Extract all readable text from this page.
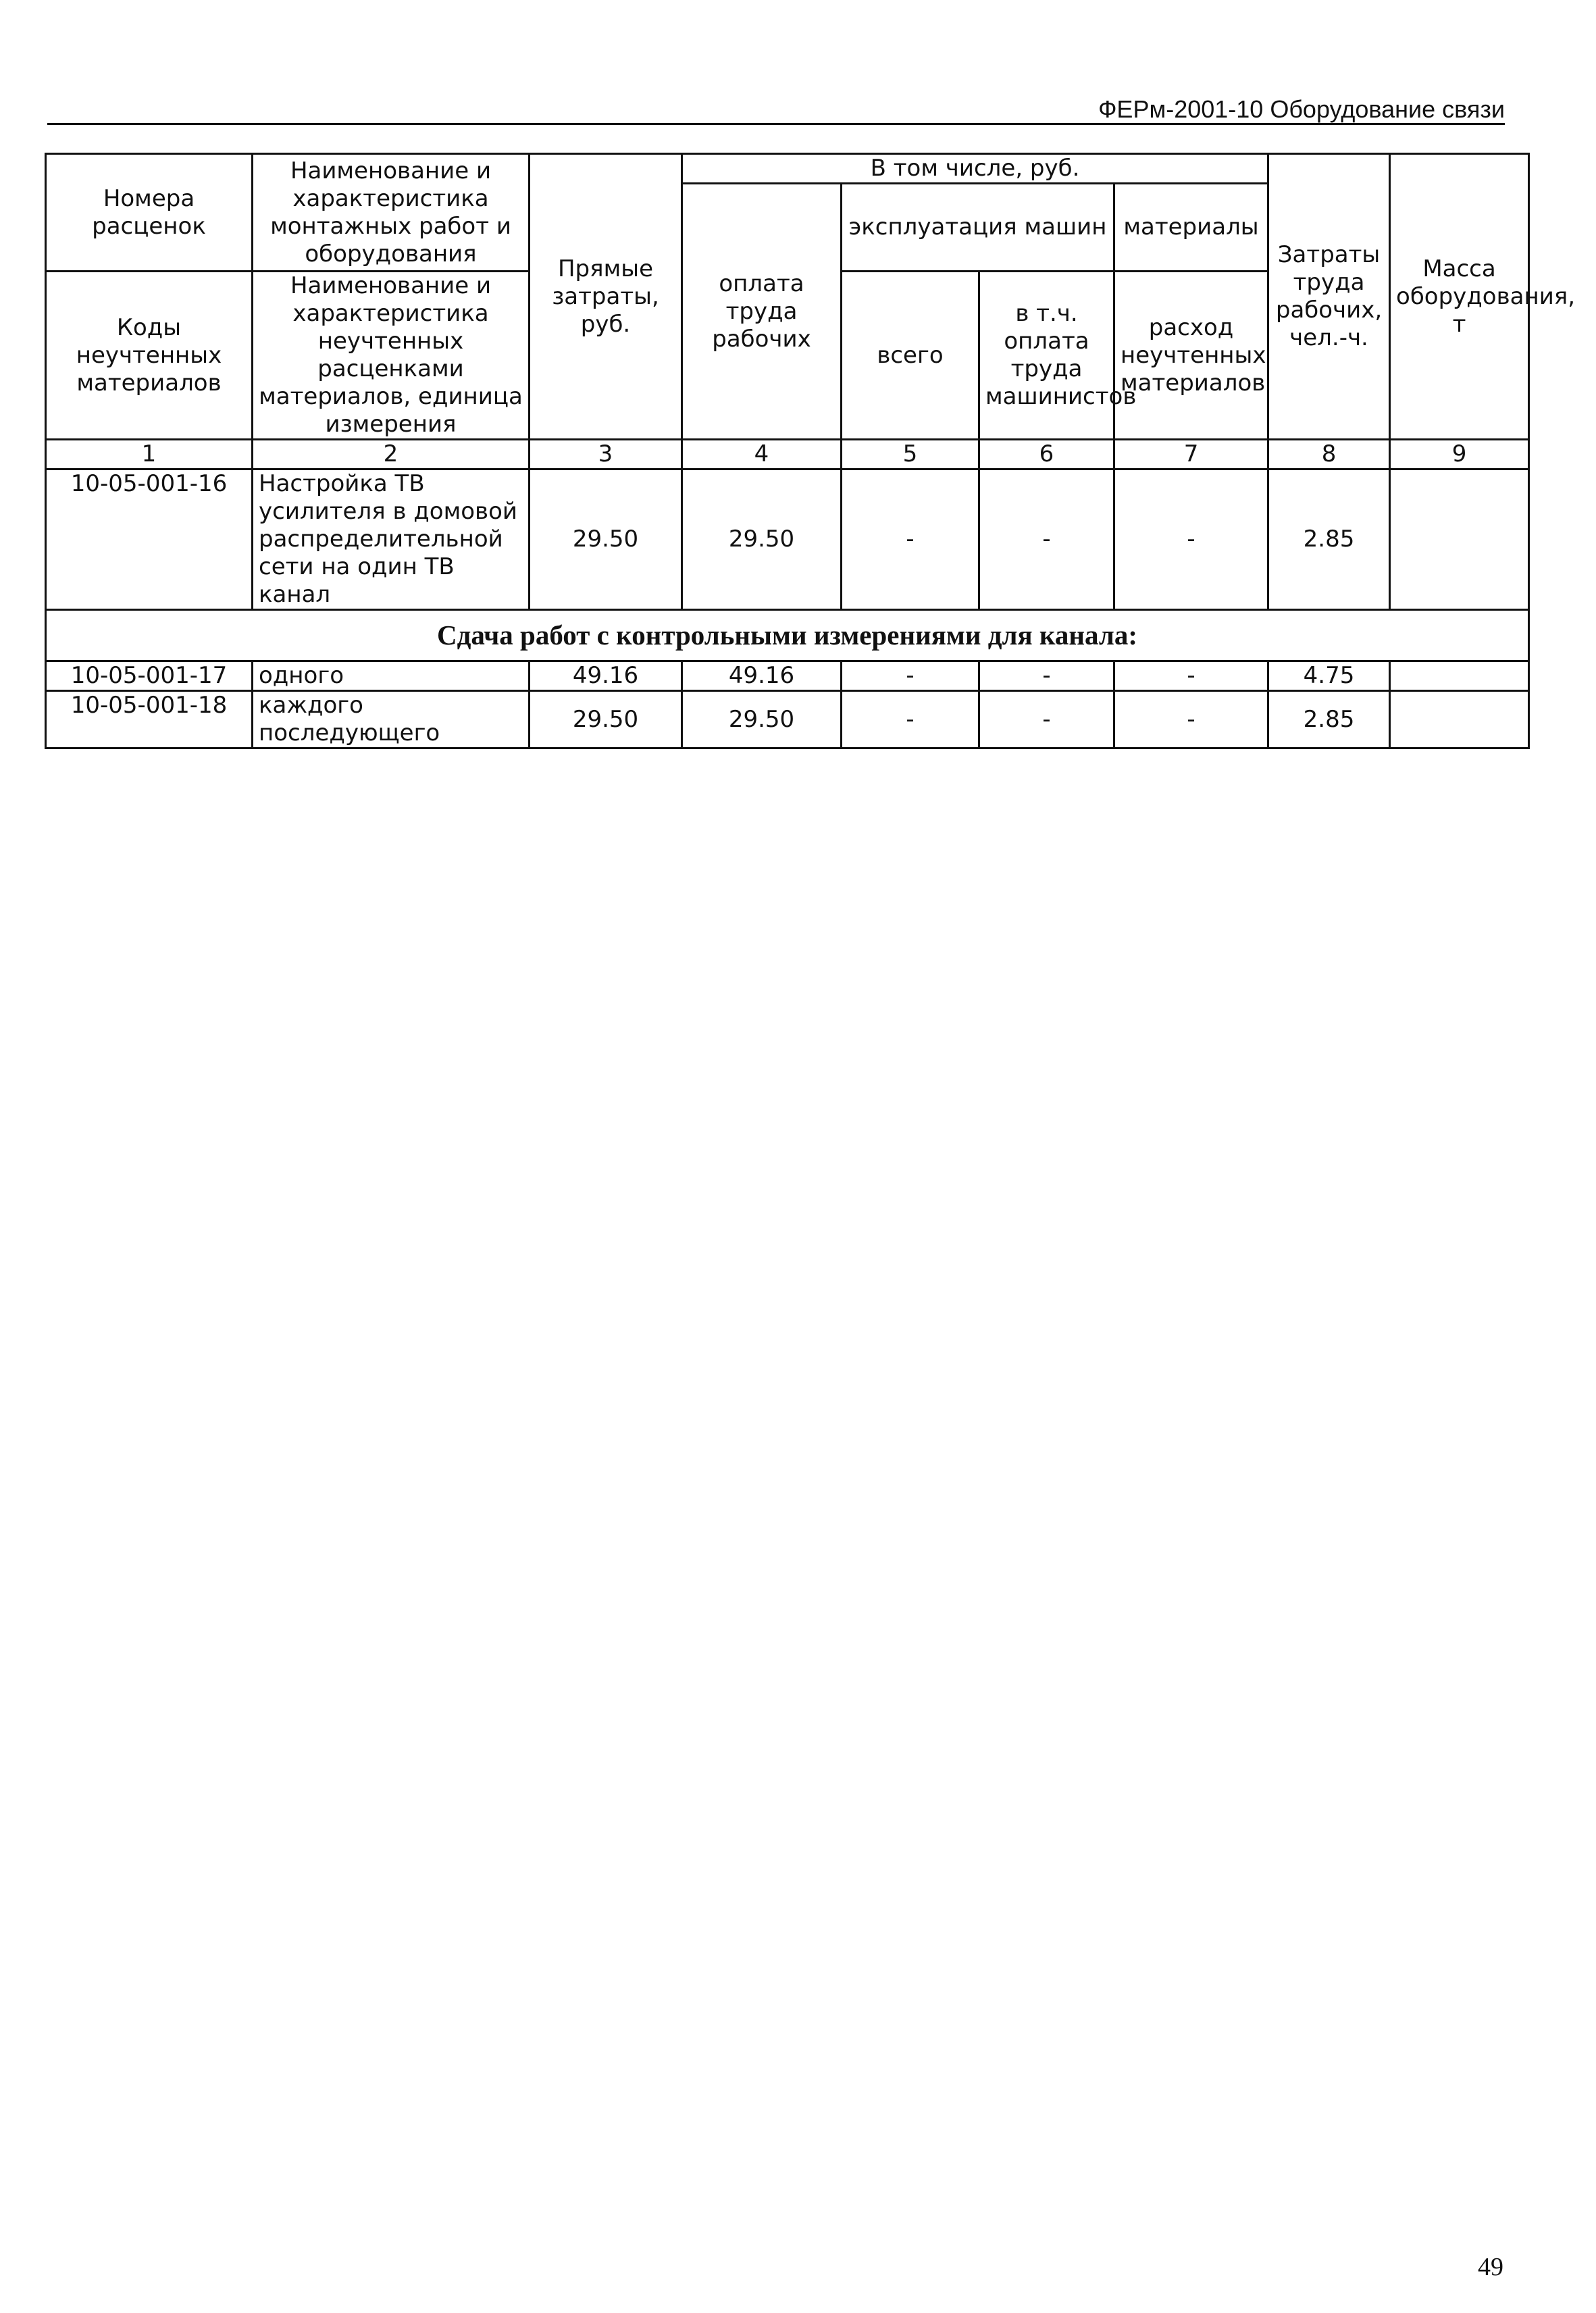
ФЕРм-2001-10 Оборудование связи
Номера расценок	Наименование и характеристика монтажных работ и оборудования	Прямые затраты, руб.	В том числе, руб.				Затраты труда рабочих, чел.-ч.	Масса оборудования, т
			оплата труда рабочих	эксплуатация машин		материалы		

Коды неучтенных материалов	Наименование и характеристика неучтенных расценками материалов, единица измерения			всего	в т.ч. оплата труда машинистов	расход неучтенных материалов		

1	2	3	4	5	6	7	8	9
10-05-001-16	Настройка ТВ усилителя в домовой распределительной сети на один ТВ канал	29.50	29.50	-	-	-	2.85	
Сдача работ с контрольными измерениями для канала:								
10-05-001-17	одного	49.16	49.16	-	-	-	4.75	
10-05-001-18	каждого последующего	29.50	29.50	-	-	-	2.85	
49
